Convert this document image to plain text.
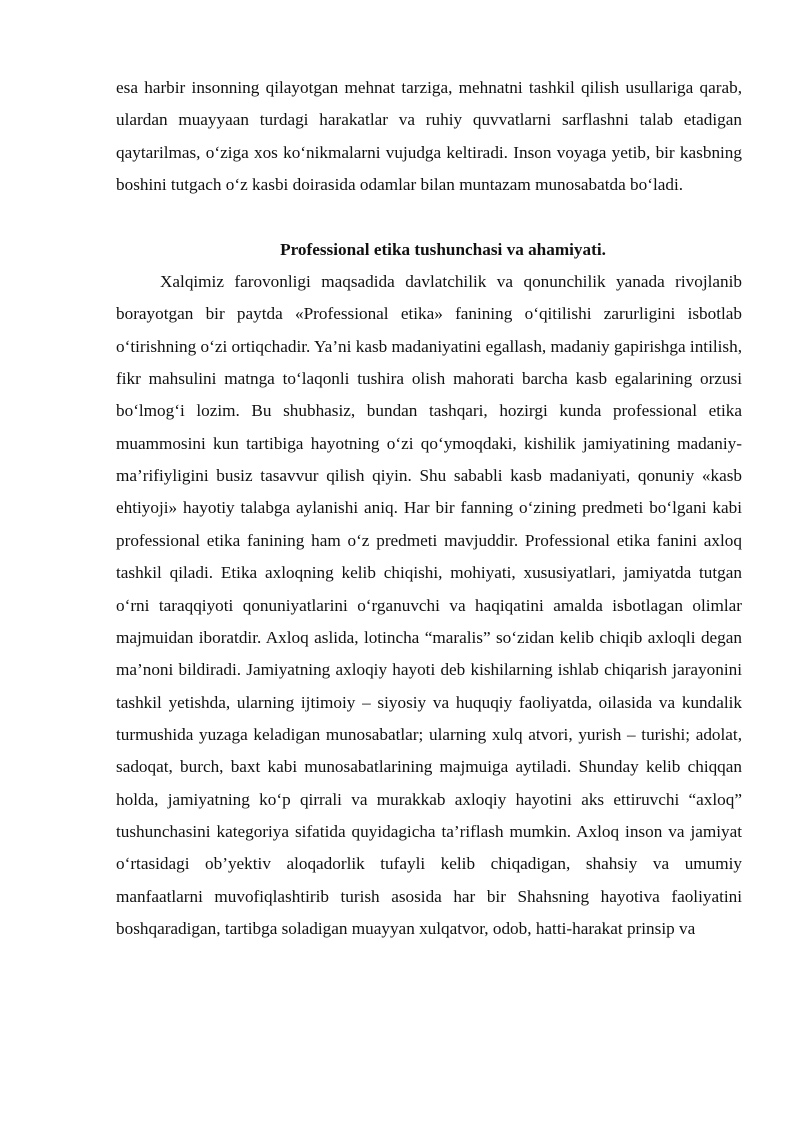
esa harbir insonning qilayotgan mehnat tarziga, mehnatni tashkil qilish usullariga qarab, ulardan muayyaan turdagi harakatlar va ruhiy quvvatlarni sarflashni talab etadigan qaytarilmas, o‘ziga xos ko‘nikmalarni vujudga keltiradi. Inson voyaga yetib, bir kasbning boshini tutgach o‘z kasbi doirasida odamlar bilan muntazam munosabatda bo‘ladi.

Professional etika tushunchasi va ahamiyati.

Xalqimiz farovonligi maqsadida davlatchilik va qonunchilik yanada rivojlanib borayotgan bir paytda «Professional etika» fanining o‘qitilishi zarurligini isbotlab o‘tirishning o‘zi ortiqchadir. Ya’ni kasb madaniyatini egallash, madaniy gapirishga intilish, fikr mahsulini matnga to‘laqonli tushira olish mahorati barcha kasb egalarining orzusi bo‘lmog‘i lozim. Bu shubhasiz, bundan tashqari, hozirgi kunda professional etika muammosini kun tartibiga hayotning o‘zi qo‘ymoqdaki, kishilik jamiyatining madaniy-ma’rifiyligini busiz tasavvur qilish qiyin. Shu sababli kasb madaniyati, qonuniy «kasb ehtiyoji» hayotiy talabga aylanishi aniq. Har bir fanning o‘zining predmeti bo‘lgani kabi professional etika fanining ham o‘z predmeti mavjuddir. Professional etika fanini axloq tashkil qiladi. Etika axloqning kelib chiqishi, mohiyati, xususiyatlari, jamiyatda tutgan o‘rni taraqqiyoti qonuniyatlarini o‘rganuvchi va haqiqatini amalda isbotlagan olimlar majmuidan iboratdir. Axloq aslida, lotincha “maralis” so‘zidan kelib chiqib axloqli degan ma’noni bildiradi. Jamiyatning axloqiy hayoti deb kishilarning ishlab chiqarish jarayonini tashkil yetishda, ularning ijtimoiy – siyosiy va huquqiy faoliyatda, oilasida va kundalik turmushida yuzaga keladigan munosabatlar; ularning xulq atvori, yurish – turishi; adolat, sadoqat, burch, baxt kabi munosabatlarining majmuiga aytiladi. Shunday kelib chiqqan holda, jamiyatning ko‘p qirrali va murakkab axloqiy hayotini aks ettiruvchi “axloq” tushunchasini kategoriya sifatida quyidagicha ta’riflash mumkin. Axloq inson va jamiyat o‘rtasidagi ob’yektiv aloqadorlik tufayli kelib chiqadigan, shahsiy va umumiy manfaatlarni muvofiqlashtirib turish asosida har bir Shahsning hayotiva faoliyatini boshqaradigan, tartibga soladigan muayyan xulqatvor, odob, hatti-harakat prinsip va
